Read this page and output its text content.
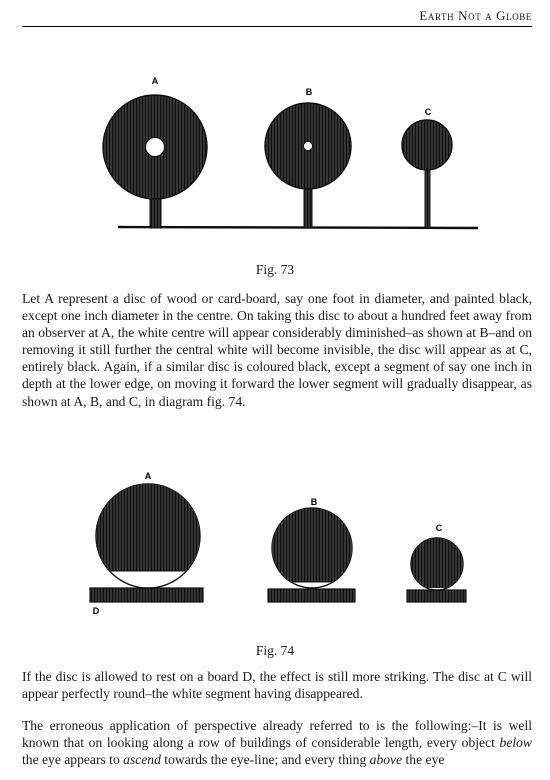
Earth Not a Globe
A
B
C
Fig. 73

Let A represent a disc of wood or card-board, say one foot in diameter, and painted black, except one inch diameter in the centre. On taking this disc to about a hundred feet away from an observer at A, the white centre will appear considerably diminished–as shown at B–and on removing it still further the central white will become invisible, the disc will appear as at C, entirely black. Again, if a similar disc is coloured black, except a segment of say one inch in depth at the lower edge, on moving it forward the lower segment will gradually disappear, as shown at A, B, and C, in diagram fig. 74.

A
D
B
C
Fig. 74

If the disc is allowed to rest on a board D, the effect is still more striking. The disc at C will appear perfectly round–the white segment having disappeared.

The erroneous application of perspective already referred to is the following:–It is well known that on looking along a row of buildings of considerable length, every object below the eye appears to ascend towards the eye-line; and every thing above the eye
